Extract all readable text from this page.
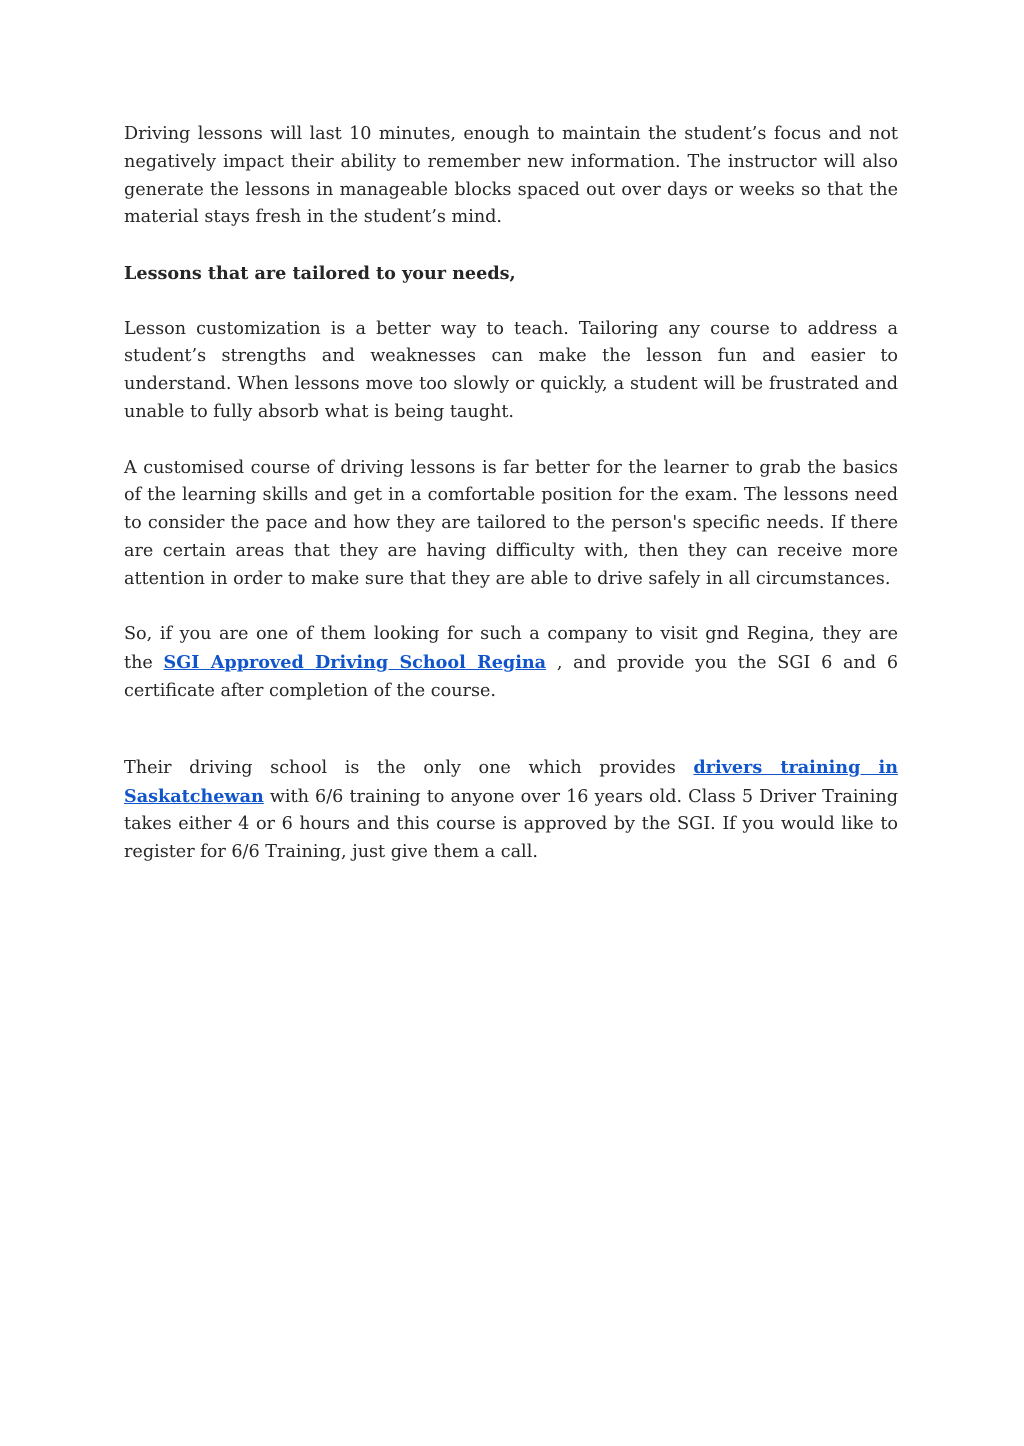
Driving lessons will last 10 minutes, enough to maintain the student’s focus and not negatively impact their ability to remember new information. The instructor will also generate the lessons in manageable blocks spaced out over days or weeks so that the material stays fresh in the student’s mind.

Lessons that are tailored to your needs,

Lesson customization is a better way to teach. Tailoring any course to address a student’s strengths and weaknesses can make the lesson fun and easier to understand. When lessons move too slowly or quickly, a student will be frustrated and unable to fully absorb what is being taught.

A customised course of driving lessons is far better for the learner to grab the basics of the learning skills and get in a comfortable position for the exam. The lessons need to consider the pace and how they are tailored to the person's specific needs. If there are certain areas that they are having difficulty with, then they can receive more attention in order to make sure that they are able to drive safely in all circumstances.

So, if you are one of them looking for such a company to visit gnd Regina, they are the SGI Approved Driving School Regina , and provide you the SGI 6 and 6 certificate after completion of the course.

Their driving school is the only one which provides drivers training in Saskatchewan with 6/6 training to anyone over 16 years old. Class 5 Driver Training takes either 4 or 6 hours and this course is approved by the SGI. If you would like to register for 6/6 Training, just give them a call.
